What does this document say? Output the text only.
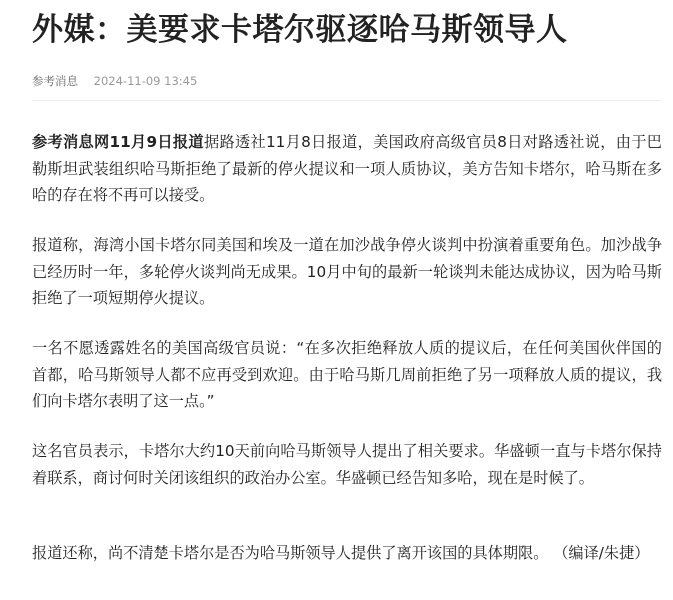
外媒：美要求卡塔尔驱逐哈马斯领导人
参考消息 2024-11-09 13:45

参考消息网11月9日报道据路透社11月8日报道，美国政府高级官员8日对路透社说，由于巴勒斯坦武装组织哈马斯拒绝了最新的停火提议和一项人质协议，美方告知卡塔尔，哈马斯在多哈的存在将不再可以接受。

报道称，海湾小国卡塔尔同美国和埃及一道在加沙战争停火谈判中扮演着重要角色。加沙战争已经历时一年，多轮停火谈判尚无成果。10月中旬的最新一轮谈判未能达成协议，因为哈马斯拒绝了一项短期停火提议。

一名不愿透露姓名的美国高级官员说：“在多次拒绝释放人质的提议后，在任何美国伙伴国的首都，哈马斯领导人都不应再受到欢迎。由于哈马斯几周前拒绝了另一项释放人质的提议，我们向卡塔尔表明了这一点。”

这名官员表示，卡塔尔大约10天前向哈马斯领导人提出了相关要求。华盛顿一直与卡塔尔保持着联系，商讨何时关闭该组织的政治办公室。华盛顿已经告知多哈，现在是时候了。

报道还称，尚不清楚卡塔尔是否为哈马斯领导人提供了离开该国的具体期限。 （编译/朱捷）
